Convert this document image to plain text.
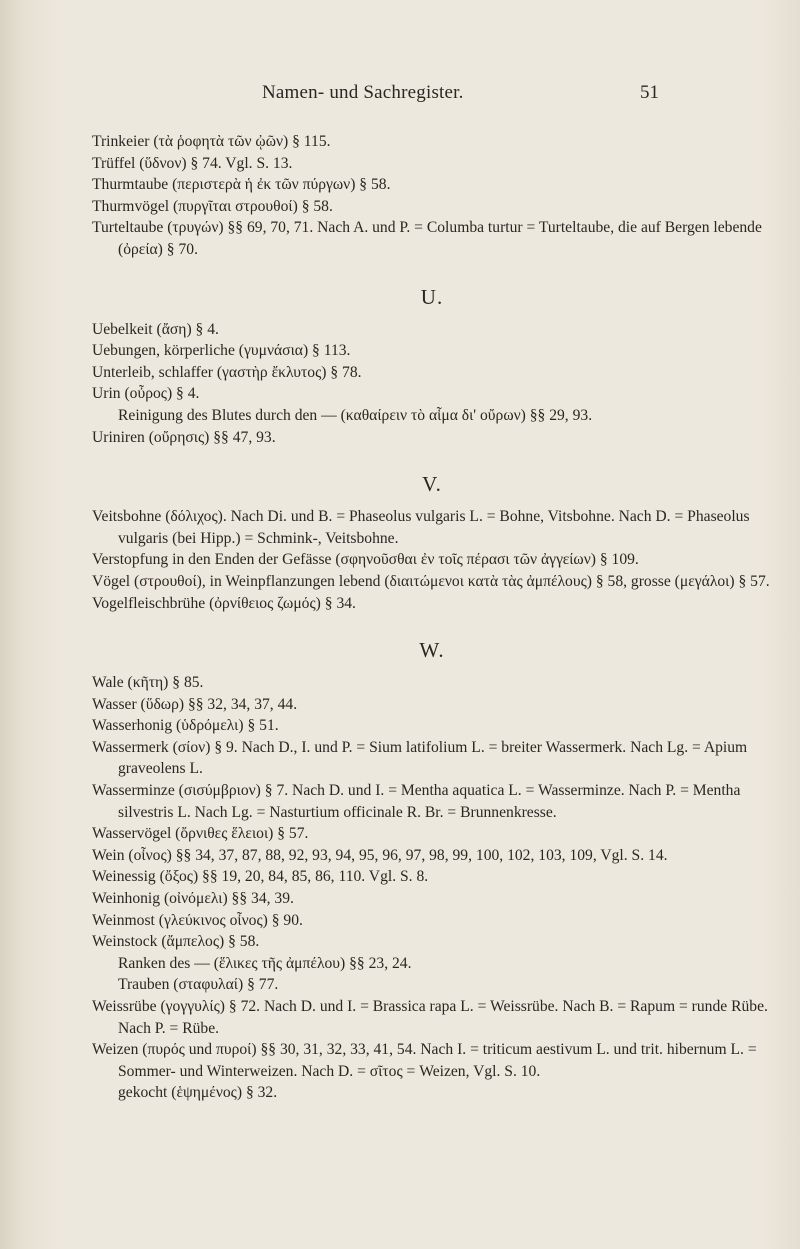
Namen- und Sachregister.	51

Trinkeier (τὰ ῥοφητὰ τῶν ᾠῶν) § 115.

Trüffel (ὕδνον) § 74. Vgl. S. 13.

Thurmtaube (περιστερὰ ἡ ἐκ τῶν πύργων) § 58.

Thurmvögel (πυργῖται στρουθοί) § 58.

Turteltaube (τρυγών) §§ 69, 70, 71. Nach A. und P. = Columba turtur = Turteltaube, die auf Bergen lebende (ὀρεία) § 70.

U.

Uebelkeit (ἄση) § 4.

Uebungen, körperliche (γυμνάσια) § 113.

Unterleib, schlaffer (γαστὴρ ἔκλυτος) § 78.

Urin (οὖρος) § 4.

Reinigung des Blutes durch den — (καθαίρειν τὸ αἷμα δι' οὔρων) §§ 29, 93.

Uriniren (οὔρησις) §§ 47, 93.

V.

Veitsbohne (δόλιχος). Nach Di. und B. = Phaseolus vulgaris L. = Bohne, Vitsbohne. Nach D. = Phaseolus vulgaris (bei Hipp.) = Schmink-, Veitsbohne.

Verstopfung in den Enden der Gefässe (σφηνοῦσθαι ἐν τοῖς πέρασι τῶν ἀγγείων) § 109.

Vögel (στρουθοί), in Weinpflanzungen lebend (διαιτώμενοι κατὰ τὰς ἀμπέλους) § 58, grosse (μεγάλοι) § 57.

Vogelfleischbrühe (ὀρνίθειος ζωμός) § 34.

W.

Wale (κῆτη) § 85.

Wasser (ὕδωρ) §§ 32, 34, 37, 44.

Wasserhonig (ὑδρόμελι) § 51.

Wassermerk (σίον) § 9. Nach D., I. und P. = Sium latifolium L. = breiter Wassermerk. Nach Lg. = Apium graveolens L.

Wasserminze (σισύμβριον) § 7. Nach D. und I. = Mentha aquatica L. = Wasserminze. Nach P. = Mentha silvestris L. Nach Lg. = Nasturtium officinale R. Br. = Brunnenkresse.

Wasservögel (ὄρνιθες ἕλειοι) § 57.

Wein (οἶνος) §§ 34, 37, 87, 88, 92, 93, 94, 95, 96, 97, 98, 99, 100, 102, 103, 109, Vgl. S. 14.

Weinessig (ὄξος) §§ 19, 20, 84, 85, 86, 110. Vgl. S. 8.

Weinhonig (οἰνόμελι) §§ 34, 39.

Weinmost (γλεύκινος οἶνος) § 90.

Weinstock (ἄμπελος) § 58.

Ranken des — (ἕλικες τῆς ἀμπέλου) §§ 23, 24.

Trauben (σταφυλαί) § 77.

Weissrübe (γογγυλίς) § 72. Nach D. und I. = Brassica rapa L. = Weissrübe. Nach B. = Rapum = runde Rübe. Nach P. = Rübe.

Weizen (πυρός und πυροί) §§ 30, 31, 32, 33, 41, 54. Nach I. = triticum aestivum L. und trit. hibernum L. = Sommer- und Winterweizen. Nach D. = σῖτος = Weizen, Vgl. S. 10.

gekocht (ἑψημένος) § 32.
